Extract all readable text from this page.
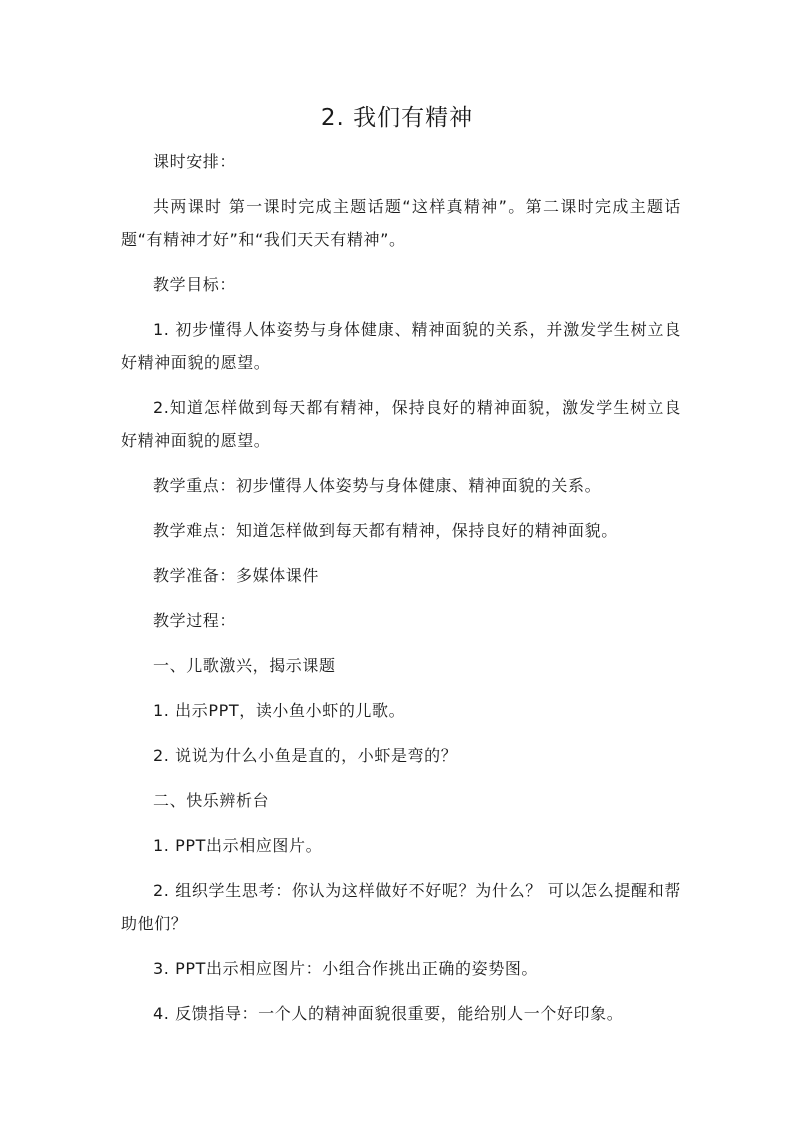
2. 我们有精神

课时安排：

共两课时 第一课时完成主题话题“这样真精神”。第二课时完成主题话题“有精神才好”和“我们天天有精神”。

教学目标：

1. 初步懂得人体姿势与身体健康、精神面貌的关系，并激发学生树立良好精神面貌的愿望。

2.知道怎样做到每天都有精神，保持良好的精神面貌，激发学生树立良好精神面貌的愿望。

教学重点：初步懂得人体姿势与身体健康、精神面貌的关系。

教学难点：知道怎样做到每天都有精神，保持良好的精神面貌。

教学准备：多媒体课件

教学过程：

一、儿歌激兴，揭示课题

1. 出示PPT，读小鱼小虾的儿歌。

2. 说说为什么小鱼是直的，小虾是弯的？

二、快乐辨析台

1. PPT出示相应图片。

2. 组织学生思考：你认为这样做好不好呢？为什么？ 可以怎么提醒和帮助他们？

3. PPT出示相应图片：小组合作挑出正确的姿势图。

4. 反馈指导：一个人的精神面貌很重要，能给别人一个好印象。
